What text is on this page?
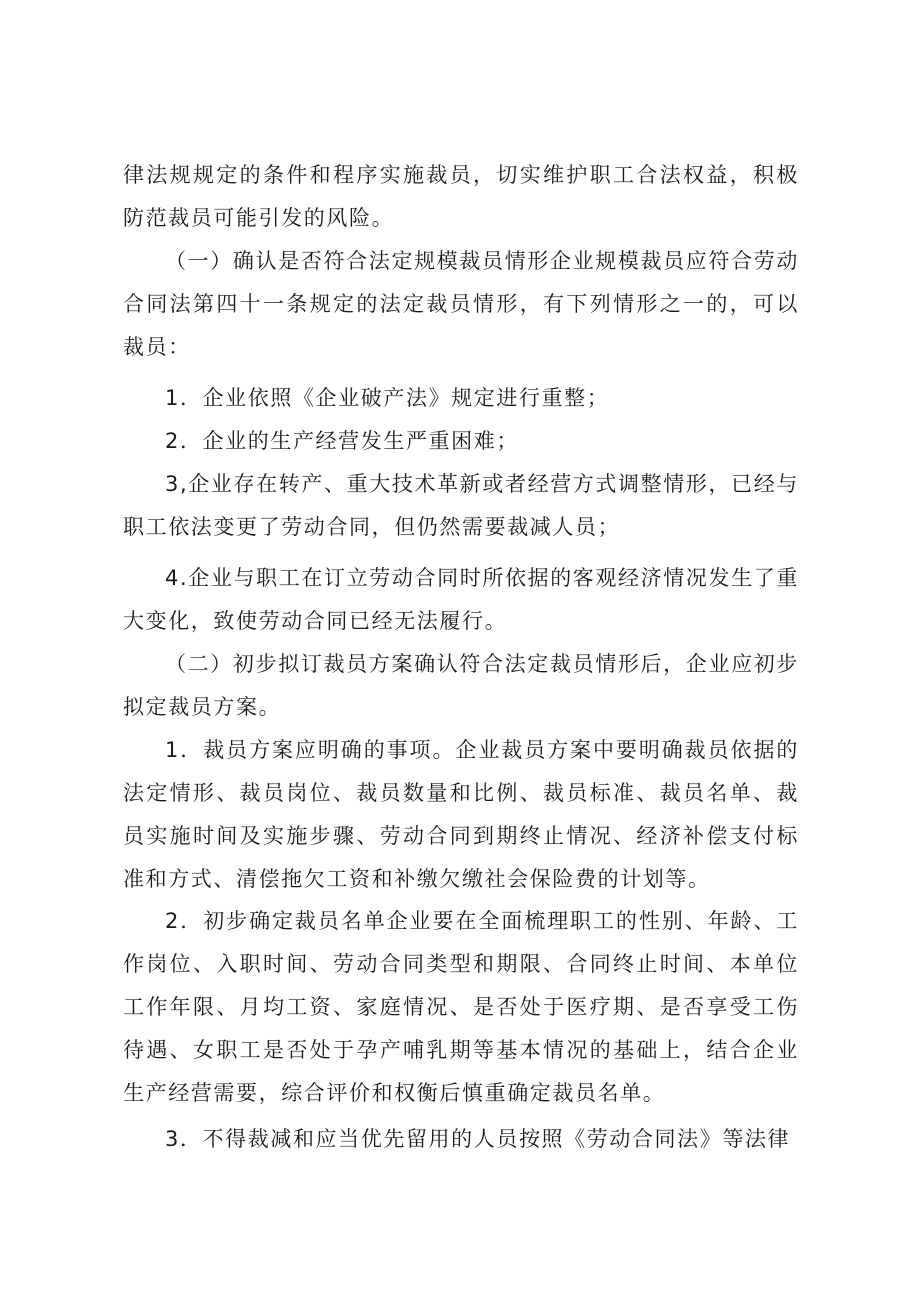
律法规规定的条件和程序实施裁员，切实维护职工合法权益，积极防范裁员可能引发的风险。

（一）确认是否符合法定规模裁员情形企业规模裁员应符合劳动合同法第四十一条规定的法定裁员情形，有下列情形之一的，可以裁员：

1．企业依照《企业破产法》规定进行重整；

2．企业的生产经营发生严重困难；

3,企业存在转产、重大技术革新或者经营方式调整情形，已经与职工依法变更了劳动合同，但仍然需要裁减人员；

4.企业与职工在订立劳动合同时所依据的客观经济情况发生了重大变化，致使劳动合同已经无法履行。

（二）初步拟订裁员方案确认符合法定裁员情形后，企业应初步拟定裁员方案。

1．裁员方案应明确的事项。企业裁员方案中要明确裁员依据的法定情形、裁员岗位、裁员数量和比例、裁员标准、裁员名单、裁员实施时间及实施步骤、劳动合同到期终止情况、经济补偿支付标准和方式、清偿拖欠工资和补缴欠缴社会保险费的计划等。

2．初步确定裁员名单企业要在全面梳理职工的性别、年龄、工作岗位、入职时间、劳动合同类型和期限、合同终止时间、本单位工作年限、月均工资、家庭情况、是否处于医疗期、是否享受工伤待遇、女职工是否处于孕产哺乳期等基本情况的基础上，结合企业生产经营需要，综合评价和权衡后慎重确定裁员名单。

3．不得裁减和应当优先留用的人员按照《劳动合同法》等法律
